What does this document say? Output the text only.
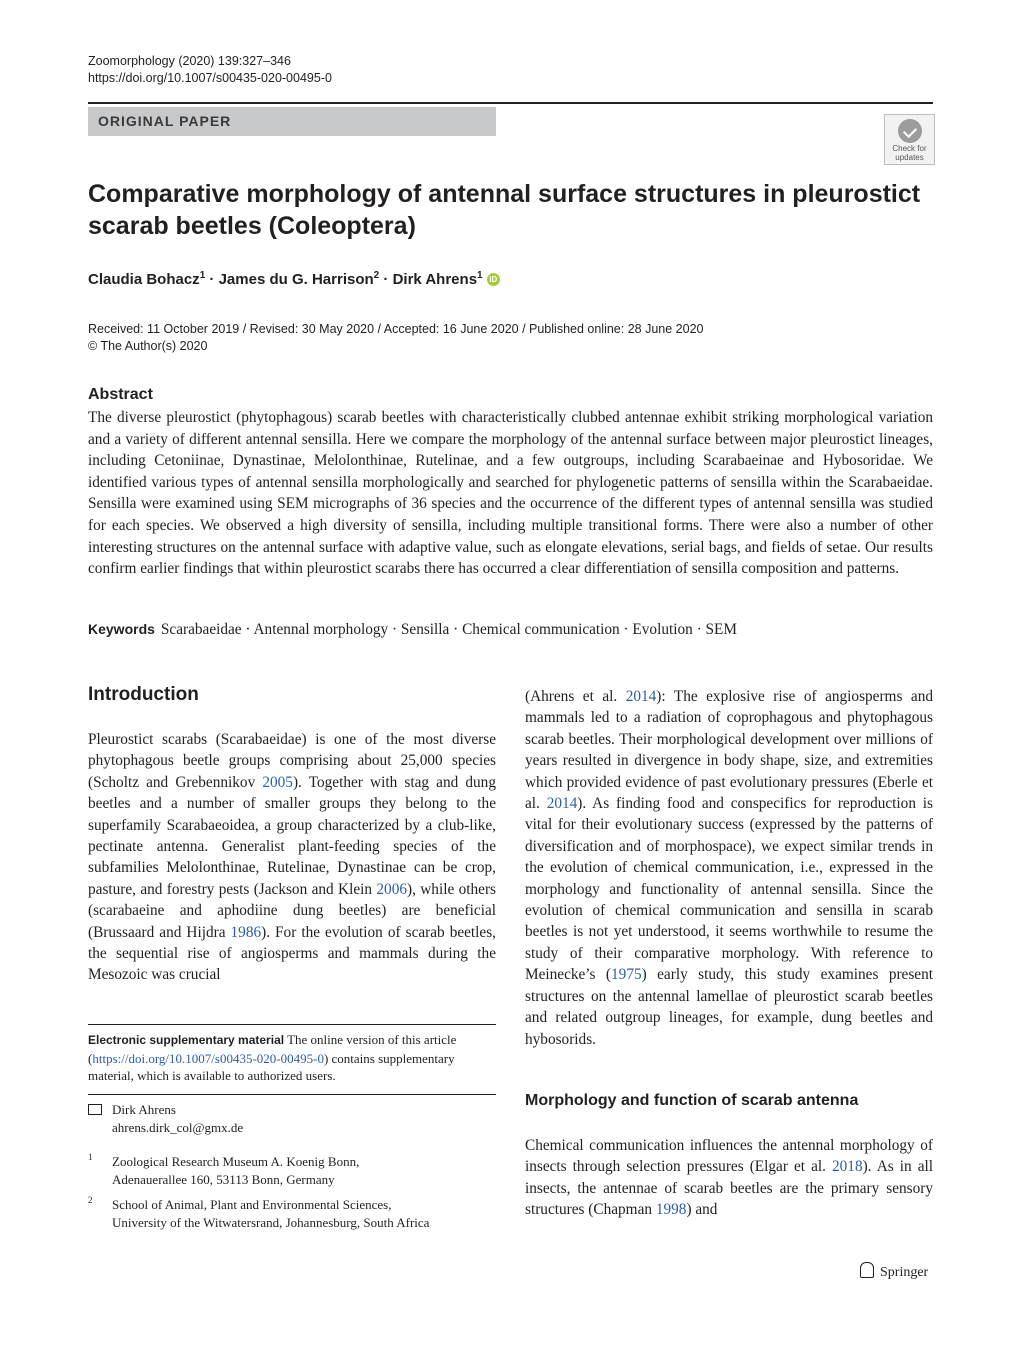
Zoomorphology (2020) 139:327–346
https://doi.org/10.1007/s00435-020-00495-0
ORIGINAL PAPER
Check for
updates
Comparative morphology of antennal surface structures in pleurostict scarab beetles (Coleoptera)
Claudia Bohacz$^1$ · James du G. Harrison$^2$ · Dirk Ahrens$^1$ iD
Received: 11 October 2019 / Revised: 30 May 2020 / Accepted: 16 June 2020 / Published online: 28 June 2020
© The Author(s) 2020
Abstract
The diverse pleurostict (phytophagous) scarab beetles with characteristically clubbed antennae exhibit striking morphological variation and a variety of different antennal sensilla. Here we compare the morphology of the antennal surface between major pleurostict lineages, including Cetoniinae, Dynastinae, Melolonthinae, Rutelinae, and a few outgroups, including Scarabaeinae and Hybosoridae. We identified various types of antennal sensilla morphologically and searched for phylogenetic patterns of sensilla within the Scarabaeidae. Sensilla were examined using SEM micrographs of 36 species and the occurrence of the different types of antennal sensilla was studied for each species. We observed a high diversity of sensilla, including multiple transitional forms. There were also a number of other interesting structures on the antennal surface with adaptive value, such as elongate elevations, serial bags, and fields of setae. Our results confirm earlier findings that within pleurostict scarabs there has occurred a clear differentiation of sensilla composition and patterns.
Keywords Scarabaeidae · Antennal morphology · Sensilla · Chemical communication · Evolution · SEM
Introduction
Pleurostict scarabs (Scarabaeidae) is one of the most diverse phytophagous beetle groups comprising about 25,000 species (Scholtz and Grebennikov 2005). Together with stag and dung beetles and a number of smaller groups they belong to the superfamily Scarabaeoidea, a group characterized by a club-like, pectinate antenna. Generalist plant-feeding species of the subfamilies Melolonthinae, Rutelinae, Dynastinae can be crop, pasture, and forestry pests (Jackson and Klein 2006), while others (scarabaeine and aphodiine dung beetles) are beneficial (Brussaard and Hijdra 1986). For the evolution of scarab beetles, the sequential rise of angiosperms and mammals during the Mesozoic was crucial
(Ahrens et al. 2014): The explosive rise of angiosperms and mammals led to a radiation of coprophagous and phytophagous scarab beetles. Their morphological development over millions of years resulted in divergence in body shape, size, and extremities which provided evidence of past evolutionary pressures (Eberle et al. 2014). As finding food and conspecifics for reproduction is vital for their evolutionary success (expressed by the patterns of diversification and of morphospace), we expect similar trends in the evolution of chemical communication, i.e., expressed in the morphology and functionality of antennal sensilla. Since the evolution of chemical communication and sensilla in scarab beetles is not yet understood, it seems worthwhile to resume the study of their comparative morphology. With reference to Meinecke’s (1975) early study, this study examines present structures on the antennal lamellae of pleurostict scarab beetles and related outgroup lineages, for example, dung beetles and hybosorids.
Morphology and function of scarab antenna
Chemical communication influences the antennal morphology of insects through selection pressures (Elgar et al. 2018). As in all insects, the antennae of scarab beetles are the primary sensory structures (Chapman 1998) and
Electronic supplementary material The online version of this article (https://doi.org/10.1007/s00435-020-00495-0) contains supplementary material, which is available to authorized users.
Dirk Ahrens
ahrens.dirk_col@gmx.de
1 Zoological Research Museum A. Koenig Bonn,
Adenauerallee 160, 53113 Bonn, Germany
2 School of Animal, Plant and Environmental Sciences,
University of the Witwatersrand, Johannesburg, South Africa
Springer
